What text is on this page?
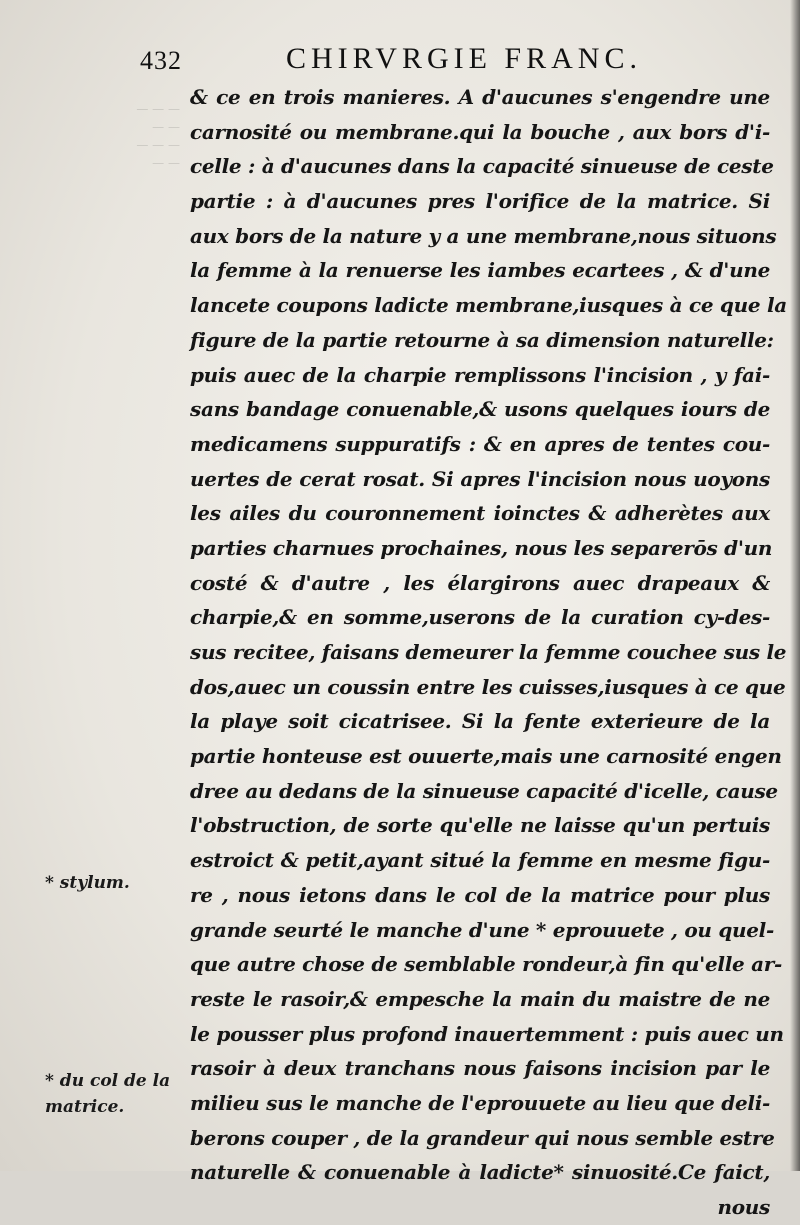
— — —
— —
— — —
— —
432	CHIRVRGIE FRANC.
& ce en trois manieres. A d'aucunes s'engendre une
carnosité ou membrane.qui la bouche , aux bors d'i-
celle : à d'aucunes dans la capacité sinueuse de ceste
partie : à d'aucunes pres l'orifice de la matrice. Si
aux bors de la nature y a une membrane,nous situons
la femme à la renuerse les iambes ecartees , & d'une
lancete coupons ladicte membrane,iusques à ce que la
figure de la partie retourne à sa dimension naturelle:
puis auec de la charpie remplissons l'incision , y fai-
sans bandage conuenable,& usons quelques iours de
medicamens suppuratifs : & en apres de tentes cou-
uertes de cerat rosat. Si apres l'incision nous uoyons
les ailes du couronnement ioinctes & adherètes aux
parties charnues prochaines, nous les separerōs d'un
costé & d'autre , les élargirons auec drapeaux &
charpie,& en somme,userons de la curation cy-des-
sus recitee, faisans demeurer la femme couchee sus le
dos,auec un coussin entre les cuisses,iusques à ce que
la playe soit cicatrisee. Si la fente exterieure de la
partie honteuse est ouuerte,mais une carnosité engen
dree au dedans de la sinueuse capacité d'icelle, cause
l'obstruction, de sorte qu'elle ne laisse qu'un pertuis
estroict & petit,ayant situé la femme en mesme figu-
re , nous ietons dans le col de la matrice pour plus
grande seurté le manche d'une * eprouuete , ou quel-
que autre chose de semblable rondeur,à fin qu'elle ar-
reste le rasoir,& empesche la main du maistre de ne
le pousser plus profond inauertemment : puis auec un
rasoir à deux tranchans nous faisons incision par le
milieu sus le manche de l'eprouuete au lieu que deli-
berons couper , de la grandeur qui nous semble estre
naturelle & conuenable à ladicte* sinuosité.Ce faict,
nous
* stylum.
* du col de la
matrice.
